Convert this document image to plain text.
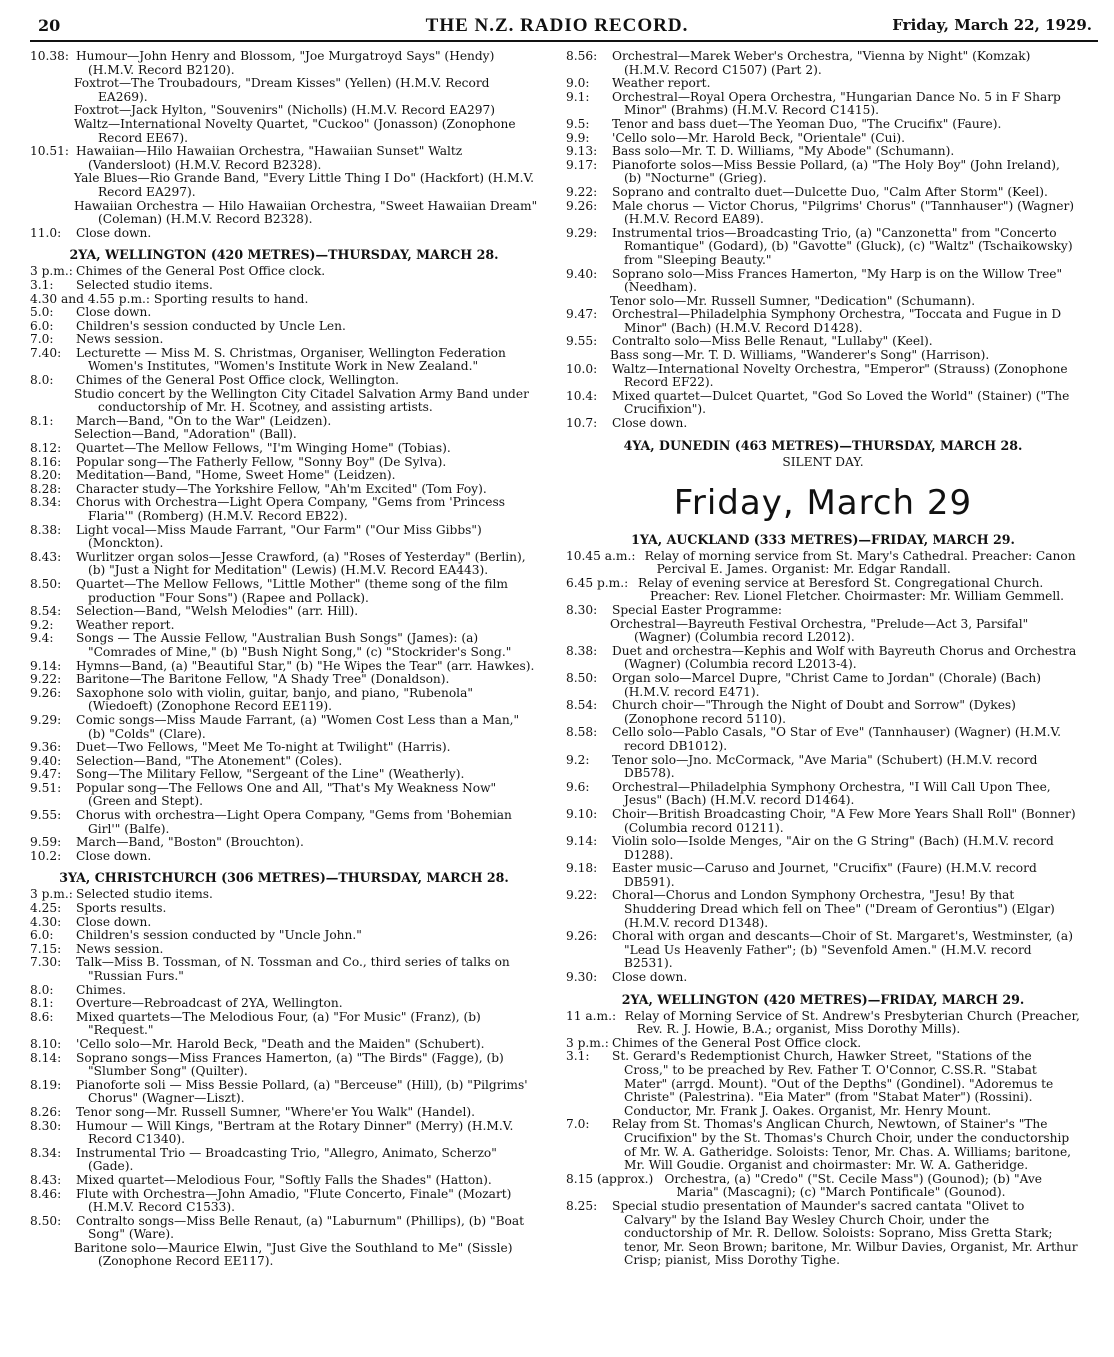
20	THE N.Z. RADIO RECORD.	Friday, March 22, 1929.
10.38: Humour—John Henry and Blossom, "Joe Murgatroyd Says" (Hendy) (H.M.V. Record B2120).
Foxtrot—The Troubadours, "Dream Kisses" (Yellen) (H.M.V. Record EA269).
Foxtrot—Jack Hylton, "Souvenirs" (Nicholls) (H.M.V. Record EA297)
Waltz—International Novelty Quartet, "Cuckoo" (Jonasson) (Zonophone Record EE67).
10.51: Hawaiian—Hilo Hawaiian Orchestra, "Hawaiian Sunset" Waltz (Vandersloot) (H.M.V. Record B2328).
Yale Blues—Rio Grande Band, "Every Little Thing I Do" (Hackfort) (H.M.V. Record EA297).
Hawaiian Orchestra — Hilo Hawaiian Orchestra, "Sweet Hawaiian Dream" (Coleman) (H.M.V. Record B2328).
11.0: Close down.
2YA, WELLINGTON (420 METRES)—THURSDAY, MARCH 28.
3 p.m.: Chimes of the General Post Office clock.
3.1: Selected studio items.
4.30 and 4.55 p.m.: Sporting results to hand.
5.0: Close down.
6.0: Children's session conducted by Uncle Len.
7.0: News session.
7.40: Lecturette — Miss M. S. Christmas, Organiser, Wellington Federation Women's Institutes, "Women's Institute Work in New Zealand."
8.0: Chimes of the General Post Office clock, Wellington.
Studio concert by the Wellington City Citadel Salvation Army Band under conductorship of Mr. H. Scotney, and assisting artists.
8.1: March—Band, "On to the War" (Leidzen).
Selection—Band, "Adoration" (Ball).
8.12: Quartet—The Mellow Fellows, "I'm Winging Home" (Tobias).
8.16: Popular song—The Fatherly Fellow, "Sonny Boy" (De Sylva).
8.20: Meditation—Band, "Home, Sweet Home" (Leidzen).
8.28: Character study—The Yorkshire Fellow, "Ah'm Excited" (Tom Foy).
8.34: Chorus with Orchestra—Light Opera Company, "Gems from 'Princess Flaria'" (Romberg) (H.M.V. Record EB22).
8.38: Light vocal—Miss Maude Farrant, "Our Farm" ("Our Miss Gibbs") (Monckton).
8.43: Wurlitzer organ solos—Jesse Crawford, (a) "Roses of Yesterday" (Berlin), (b) "Just a Night for Meditation" (Lewis) (H.M.V. Record EA443).
8.50: Quartet—The Mellow Fellows, "Little Mother" (theme song of the film production "Four Sons") (Rapee and Pollack).
8.54: Selection—Band, "Welsh Melodies" (arr. Hill).
9.2: Weather report.
9.4: Songs — The Aussie Fellow, "Australian Bush Songs" (James): (a) "Comrades of Mine," (b) "Bush Night Song," (c) "Stockrider's Song."
9.14: Hymns—Band, (a) "Beautiful Star," (b) "He Wipes the Tear" (arr. Hawkes).
9.22: Baritone—The Baritone Fellow, "A Shady Tree" (Donaldson).
9.26: Saxophone solo with violin, guitar, banjo, and piano, "Rubenola" (Wiedoeft) (Zonophone Record EE119).
9.29: Comic songs—Miss Maude Farrant, (a) "Women Cost Less than a Man," (b) "Colds" (Clare).
9.36: Duet—Two Fellows, "Meet Me To-night at Twilight" (Harris).
9.40: Selection—Band, "The Atonement" (Coles).
9.47: Song—The Military Fellow, "Sergeant of the Line" (Weatherly).
9.51: Popular song—The Fellows One and All, "That's My Weakness Now" (Green and Stept).
9.55: Chorus with orchestra—Light Opera Company, "Gems from 'Bohemian Girl'" (Balfe).
9.59: March—Band, "Boston" (Brouchton).
10.2: Close down.
3YA, CHRISTCHURCH (306 METRES)—THURSDAY, MARCH 28.
3 p.m.: Selected studio items.
4.25: Sports results.
4.30: Close down.
6.0: Children's session conducted by "Uncle John."
7.15: News session.
7.30: Talk—Miss B. Tossman, of N. Tossman and Co., third series of talks on "Russian Furs."
8.0: Chimes.
8.1: Overture—Rebroadcast of 2YA, Wellington.
8.6: Mixed quartets—The Melodious Four, (a) "For Music" (Franz), (b) "Request."
8.10: 'Cello solo—Mr. Harold Beck, "Death and the Maiden" (Schubert).
8.14: Soprano songs—Miss Frances Hamerton, (a) "The Birds" (Fagge), (b) "Slumber Song" (Quilter).
8.19: Pianoforte soli — Miss Bessie Pollard, (a) "Berceuse" (Hill), (b) "Pilgrims' Chorus" (Wagner—Liszt).
8.26: Tenor song—Mr. Russell Sumner, "Where'er You Walk" (Handel).
8.30: Humour — Will Kings, "Bertram at the Rotary Dinner" (Merry) (H.M.V. Record C1340).
8.34: Instrumental Trio — Broadcasting Trio, "Allegro, Animato, Scherzo" (Gade).
8.43: Mixed quartet—Melodious Four, "Softly Falls the Shades" (Hatton).
8.46: Flute with Orchestra—John Amadio, "Flute Concerto, Finale" (Mozart) (H.M.V. Record C1533).
8.50: Contralto songs—Miss Belle Renaut, (a) "Laburnum" (Phillips), (b) "Boat Song" (Ware).
Baritone solo—Maurice Elwin, "Just Give the Southland to Me" (Sissle) (Zonophone Record EE117).
8.56: Orchestral—Marek Weber's Orchestra, "Vienna by Night" (Komzak) (H.M.V. Record C1507) (Part 2).
9.0: Weather report.
9.1: Orchestral—Royal Opera Orchestra, "Hungarian Dance No. 5 in F Sharp Minor" (Brahms) (H.M.V. Record C1415).
9.5: Tenor and bass duet—The Yeoman Duo, "The Crucifix" (Faure).
9.9: 'Cello solo—Mr. Harold Beck, "Orientale" (Cui).
9.13: Bass solo—Mr. T. D. Williams, "My Abode" (Schumann).
9.17: Pianoforte solos—Miss Bessie Pollard, (a) "The Holy Boy" (John Ireland), (b) "Nocturne" (Grieg).
9.22: Soprano and contralto duet—Dulcette Duo, "Calm After Storm" (Keel).
9.26: Male chorus — Victor Chorus, "Pilgrims' Chorus" ("Tannhauser") (Wagner) (H.M.V. Record EA89).
9.29: Instrumental trios—Broadcasting Trio, (a) "Canzonetta" from "Concerto Romantique" (Godard), (b) "Gavotte" (Gluck), (c) "Waltz" (Tschaikowsky) from "Sleeping Beauty."
9.40: Soprano solo—Miss Frances Hamerton, "My Harp is on the Willow Tree" (Needham).
Tenor solo—Mr. Russell Sumner, "Dedication" (Schumann).
9.47: Orchestral—Philadelphia Symphony Orchestra, "Toccata and Fugue in D Minor" (Bach) (H.M.V. Record D1428).
9.55: Contralto solo—Miss Belle Renaut, "Lullaby" (Keel).
Bass song—Mr. T. D. Williams, "Wanderer's Song" (Harrison).
10.0: Waltz—International Novelty Orchestra, "Emperor" (Strauss) (Zonophone Record EF22).
10.4: Mixed quartet—Dulcet Quartet, "God So Loved the World" (Stainer) ("The Crucifixion").
10.7: Close down.
4YA, DUNEDIN (463 METRES)—THURSDAY, MARCH 28.
SILENT DAY.
Friday, March 29
1YA, AUCKLAND (333 METRES)—FRIDAY, MARCH 29.
10.45 a.m.: Relay of morning service from St. Mary's Cathedral. Preacher: Canon Percival E. James. Organist: Mr. Edgar Randall.
6.45 p.m.: Relay of evening service at Beresford St. Congregational Church. Preacher: Rev. Lionel Fletcher. Choirmaster: Mr. William Gemmell.
8.30: Special Easter Programme:
Orchestral—Bayreuth Festival Orchestra, "Prelude—Act 3, Parsifal" (Wagner) (Columbia record L2012).
8.38: Duet and orchestra—Kephis and Wolf with Bayreuth Chorus and Orchestra (Wagner) (Columbia record L2013-4).
8.50: Organ solo—Marcel Dupre, "Christ Came to Jordan" (Chorale) (Bach) (H.M.V. record E471).
8.54: Church choir—"Through the Night of Doubt and Sorrow" (Dykes) (Zonophone record 5110).
8.58: Cello solo—Pablo Casals, "O Star of Eve" (Tannhauser) (Wagner) (H.M.V. record DB1012).
9.2: Tenor solo—Jno. McCormack, "Ave Maria" (Schubert) (H.M.V. record DB578).
9.6: Orchestral—Philadelphia Symphony Orchestra, "I Will Call Upon Thee, Jesus" (Bach) (H.M.V. record D1464).
9.10: Choir—British Broadcasting Choir, "A Few More Years Shall Roll" (Bonner) (Columbia record 01211).
9.14: Violin solo—Isolde Menges, "Air on the G String" (Bach) (H.M.V. record D1288).
9.18: Easter music—Caruso and Journet, "Crucifix" (Faure) (H.M.V. record DB591).
9.22: Choral—Chorus and London Symphony Orchestra, "Jesu! By that Shuddering Dread which fell on Thee" ("Dream of Gerontius") (Elgar) (H.M.V. record D1348).
9.26: Choral with organ and descants—Choir of St. Margaret's, Westminster, (a) "Lead Us Heavenly Father"; (b) "Sevenfold Amen." (H.M.V. record B2531).
9.30: Close down.
2YA, WELLINGTON (420 METRES)—FRIDAY, MARCH 29.
11 a.m.: Relay of Morning Service of St. Andrew's Presbyterian Church (Preacher, Rev. R. J. Howie, B.A.; organist, Miss Dorothy Mills).
3 p.m.: Chimes of the General Post Office clock.
3.1: St. Gerard's Redemptionist Church, Hawker Street, "Stations of the Cross," to be preached by Rev. Father T. O'Connor, C.SS.R. "Stabat Mater" (arrgd. Mount). "Out of the Depths" (Gondinel). "Adoremus te Christe" (Palestrina). "Eia Mater" (from "Stabat Mater") (Rossini). Conductor, Mr. Frank J. Oakes. Organist, Mr. Henry Mount.
7.0: Relay from St. Thomas's Anglican Church, Newtown, of Stainer's "The Crucifixion" by the St. Thomas's Church Choir, under the conductorship of Mr. W. A. Gatheridge. Soloists: Tenor, Mr. Chas. A. Williams; baritone, Mr. Will Goudie. Organist and choirmaster: Mr. W. A. Gatheridge.
8.15 (approx.) Orchestra, (a) "Credo" ("St. Cecile Mass") (Gounod); (b) "Ave Maria" (Mascagni); (c) "March Pontificale" (Gounod).
8.25: Special studio presentation of Maunder's sacred cantata "Olivet to Calvary" by the Island Bay Wesley Church Choir, under the conductorship of Mr. R. Dellow. Soloists: Soprano, Miss Gretta Stark; tenor, Mr. Seon Brown; baritone, Mr. Wilbur Davies, Organist, Mr. Arthur Crisp; pianist, Miss Dorothy Tighe.
